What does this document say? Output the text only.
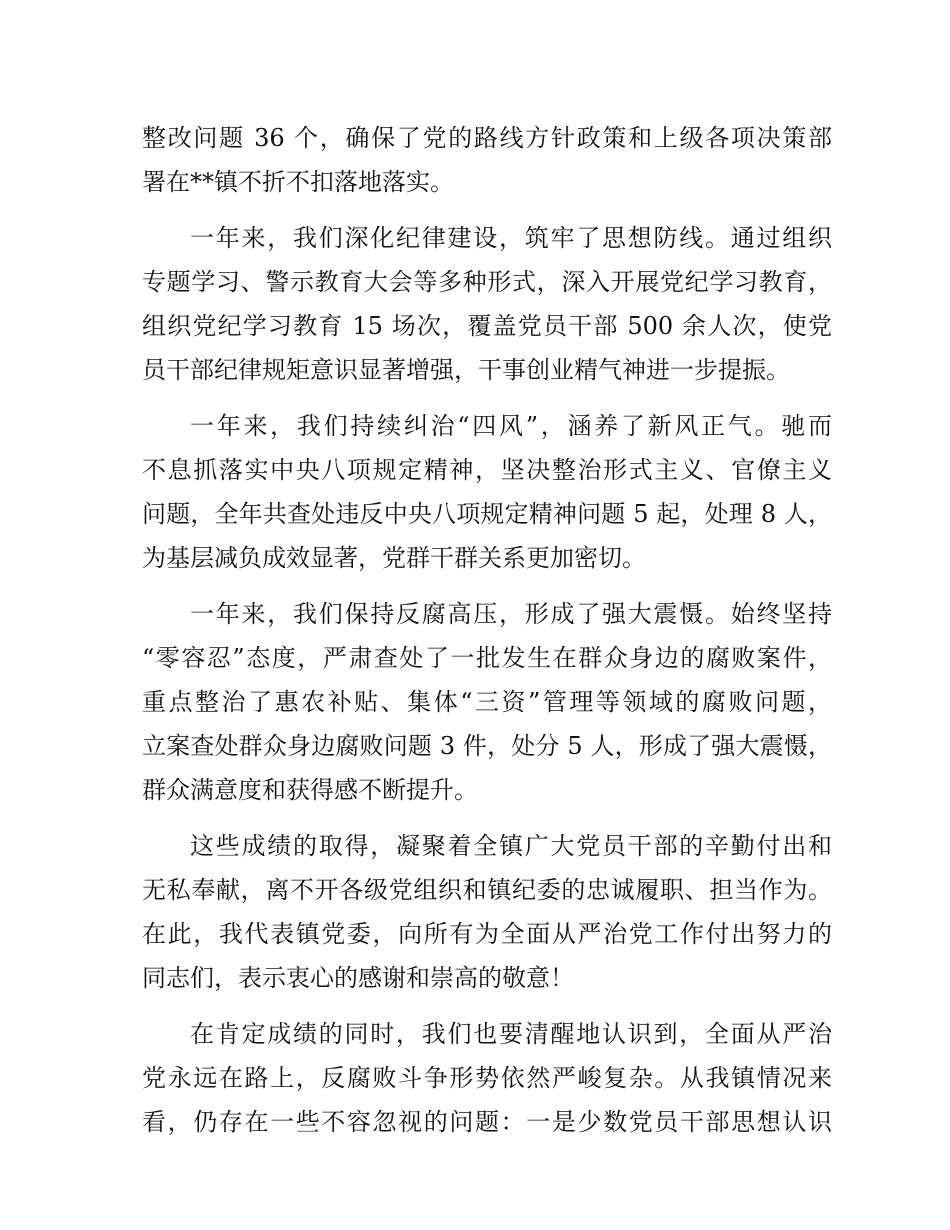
整改问题 36 个，确保了党的路线方针政策和上级各项决策部
署在**镇不折不扣落地落实。
一年来，我们深化纪律建设，筑牢了思想防线。通过组织
专题学习、警示教育大会等多种形式，深入开展党纪学习教育，
组织党纪学习教育 15 场次，覆盖党员干部 500 余人次，使党
员干部纪律规矩意识显著增强，干事创业精气神进一步提振。
一年来，我们持续纠治“四风”，涵养了新风正气。驰而
不息抓落实中央八项规定精神，坚决整治形式主义、官僚主义
问题，全年共查处违反中央八项规定精神问题 5 起，处理 8 人，
为基层减负成效显著，党群干群关系更加密切。
一年来，我们保持反腐高压，形成了强大震慑。始终坚持
“零容忍”态度，严肃查处了一批发生在群众身边的腐败案件，
重点整治了惠农补贴、集体“三资”管理等领域的腐败问题，
立案查处群众身边腐败问题 3 件，处分 5 人，形成了强大震慑，
群众满意度和获得感不断提升。
这些成绩的取得，凝聚着全镇广大党员干部的辛勤付出和
无私奉献，离不开各级党组织和镇纪委的忠诚履职、担当作为。
在此，我代表镇党委，向所有为全面从严治党工作付出努力的
同志们，表示衷心的感谢和崇高的敬意！
在肯定成绩的同时，我们也要清醒地认识到，全面从严治
党永远在路上，反腐败斗争形势依然严峻复杂。从我镇情况来
看，仍存在一些不容忽视的问题：一是少数党员干部思想认识
